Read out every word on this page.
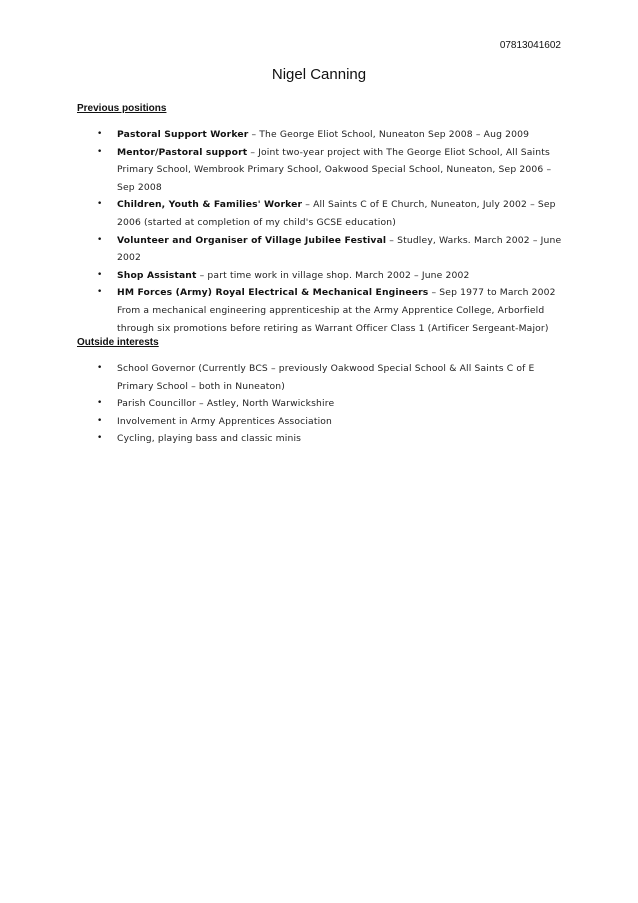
07813041602
Nigel Canning
Previous positions
• Pastoral Support Worker – The George Eliot School, Nuneaton Sep 2008 – Aug 2009
• Mentor/Pastoral support – Joint two-year project with The George Eliot School, All Saints Primary School, Wembrook Primary School, Oakwood Special School, Nuneaton, Sep 2006 – Sep 2008
• Children, Youth & Families' Worker – All Saints C of E Church, Nuneaton, July 2002 – Sep 2006 (started at completion of my child's GCSE education)
• Volunteer and Organiser of Village Jubilee Festival – Studley, Warks. March 2002 – June 2002
• Shop Assistant – part time work in village shop. March 2002 – June 2002
• HM Forces (Army) Royal Electrical & Mechanical Engineers – Sep 1977 to March 2002 From a mechanical engineering apprenticeship at the Army Apprentice College, Arborfield through six promotions before retiring as Warrant Officer Class 1 (Artificer Sergeant-Major)
Outside interests
• School Governor (Currently BCS – previously Oakwood Special School & All Saints C of E Primary School – both in Nuneaton)
• Parish Councillor – Astley, North Warwickshire
• Involvement in Army Apprentices Association
• Cycling, playing bass and classic minis
